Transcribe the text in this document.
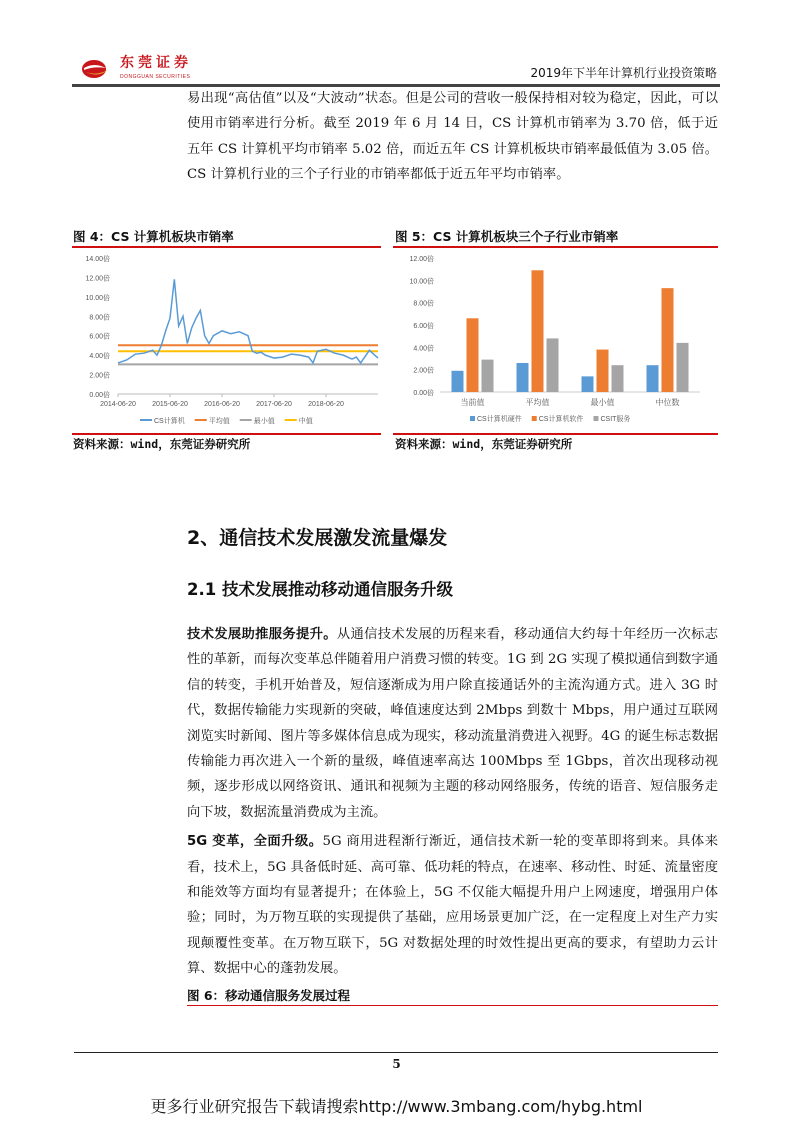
东莞证券
DONGGUAN SECURITIES	2019年下半年计算机行业投资策略
易出现“高估值”以及“大波动”状态。但是公司的营收一般保持相对较为稳定，因此，可以使用市销率进行分析。截至 2019 年 6 月 14 日，CS 计算机市销率为 3.70 倍，低于近五年 CS 计算机平均市销率 5.02 倍，而近五年 CS 计算机板块市销率最低值为 3.05 倍。CS 计算机行业的三个子行业的市销率都低于近五年平均市销率。
图 4：CS 计算机板块市销率
0.00倍
2.00倍
4.00倍
6.00倍
8.00倍
10.00倍
12.00倍
14.00倍
2014-06-20 2015-06-20 2016-06-20 2017-06-20 2018-06-20
CS计算机	平均值	最小值	中值
资料来源：wind，东莞证券研究所
图 5：CS 计算机板块三个子行业市销率
0.00倍
2.00倍
4.00倍
6.00倍
8.00倍
10.00倍
12.00倍
当前值	平均值	最小值	中位数
CS计算机硬件 CS计算机软件 CSIT服务
资料来源：wind，东莞证券研究所
2、通信技术发展激发流量爆发
2.1 技术发展推动移动通信服务升级
技术发展助推服务提升。从通信技术发展的历程来看，移动通信大约每十年经历一次标志性的革新，而每次变革总伴随着用户消费习惯的转变。1G 到 2G 实现了模拟通信到数字通信的转变，手机开始普及，短信逐渐成为用户除直接通话外的主流沟通方式。进入 3G 时代，数据传输能力实现新的突破，峰值速度达到 2Mbps 到数十 Mbps，用户通过互联网浏览实时新闻、图片等多媒体信息成为现实，移动流量消费进入视野。4G 的诞生标志数据传输能力再次进入一个新的量级，峰值速率高达 100Mbps 至 1Gbps，首次出现移动视频，逐步形成以网络资讯、通讯和视频为主题的移动网络服务，传统的语音、短信服务走向下坡，数据流量消费成为主流。
5G 变革，全面升级。5G 商用进程渐行渐近，通信技术新一轮的变革即将到来。具体来看，技术上，5G 具备低时延、高可靠、低功耗的特点，在速率、移动性、时延、流量密度和能效等方面均有显著提升；在体验上，5G 不仅能大幅提升用户上网速度，增强用户体验；同时，为万物互联的实现提供了基础，应用场景更加广泛，在一定程度上对生产力实现颠覆性变革。在万物互联下，5G 对数据处理的时效性提出更高的要求，有望助力云计算、数据中心的蓬勃发展。
图 6：移动通信服务发展过程
5
更多行业研究报告下载请搜索http://www.3mbang.com/hybg.html
